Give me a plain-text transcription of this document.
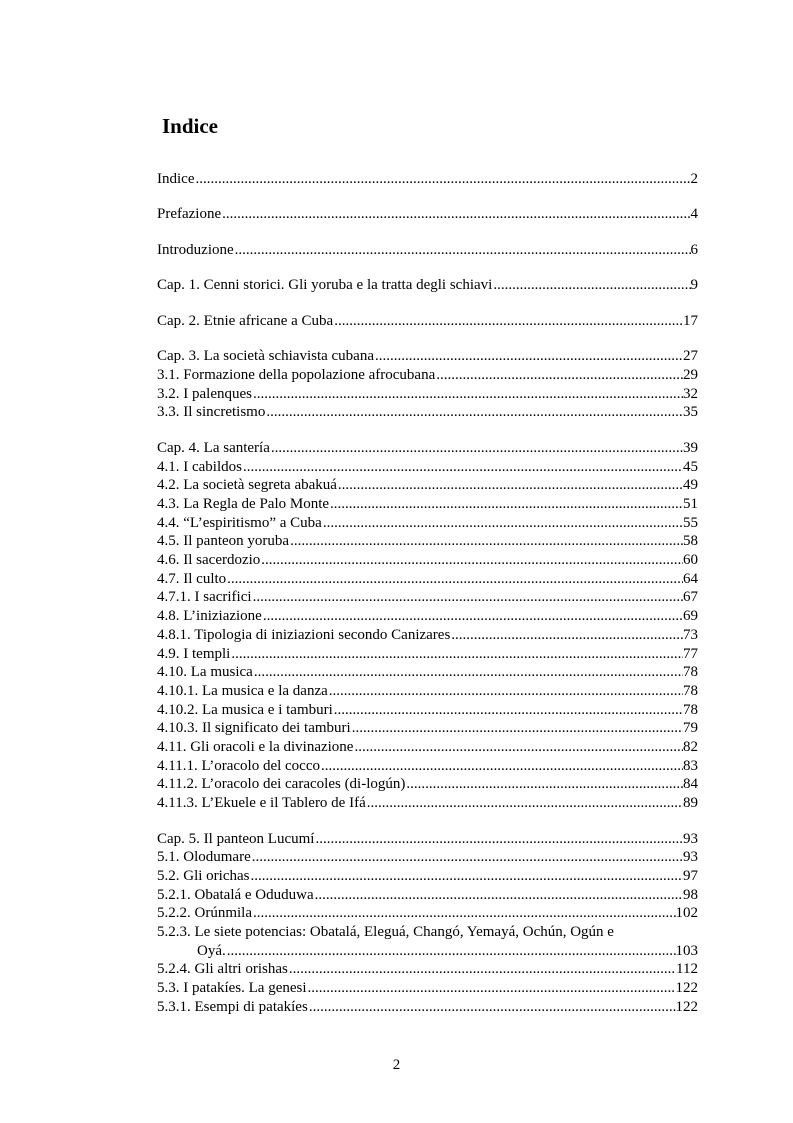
Indice
Indice .....	2
Prefazione .....	4
Introduzione .....	6
Cap. 1. Cenni storici. Gli yoruba e la tratta degli schiavi .....	9
Cap. 2. Etnie africane a Cuba .....	17
Cap. 3. La società schiavista cubana .....	27
3.1. Formazione della popolazione afrocubana .....	29
3.2. I palenques .....	32
3.3. Il sincretismo .....	35
Cap. 4. La santería .....	39
4.1. I cabildos .....	45
4.2. La società segreta abakuá .....	49
4.3. La Regla de Palo Monte .....	51
4.4. “L’espiritismo” a Cuba .....	55
4.5. Il panteon yoruba .....	58
4.6. Il sacerdozio .....	60
4.7. Il culto .....	64
4.7.1. I sacrifici .....	67
4.8. L’iniziazione .....	69
4.8.1. Tipologia di iniziazioni secondo Canizares .....	73
4.9. I templi .....	77
4.10. La musica .....	78
4.10.1. La musica e la danza .....	78
4.10.2. La musica e i tamburi .....	78
4.10.3. Il significato dei tamburi .....	79
4.11. Gli oracoli e la divinazione .....	82
4.11.1. L’oracolo del cocco .....	83
4.11.2. L’oracolo dei caracoles (di-logún) .....	84
4.11.3. L’Ekuele e il Tablero de Ifá .....	89
Cap. 5. Il panteon Lucumí .....	93
5.1. Olodumare .....	93
5.2. Gli orichas .....	97
5.2.1. Obatalá e Oduduwa .....	98
5.2.2. Orúnmila .....	102
5.2.3. Le siete potencias: Obatalá, Eleguá, Changó, Yemayá, Ochún, Ogún e
Oyá. .....	103
5.2.4. Gli altri orishas .....	112
5.3. I patakíes. La genesi .....	122
5.3.1. Esempi di patakíes .....	122
2
